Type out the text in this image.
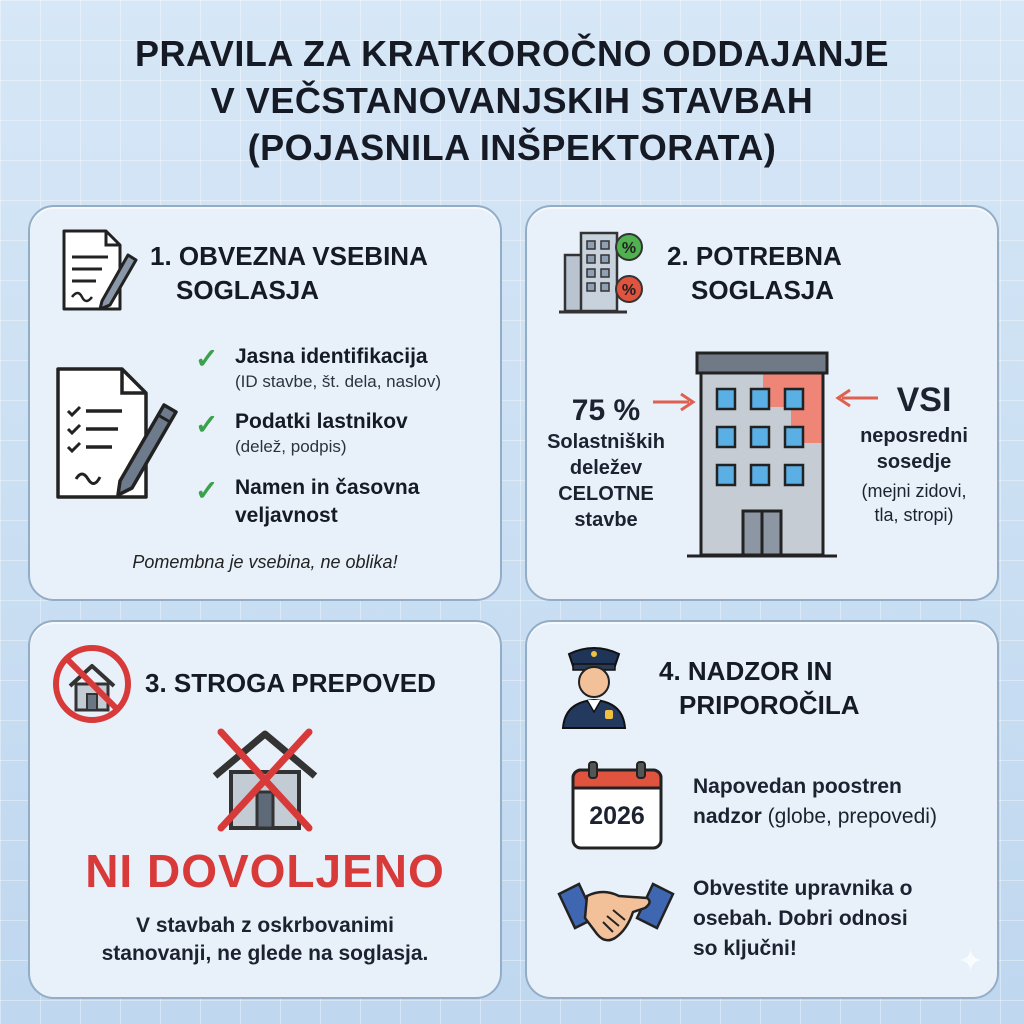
PRAVILA ZA KRATKOROČNO ODDAJANJE
V VEČSTANOVANJSKIH STAVBAH
(POJASNILA INŠPEKTORATA)
1. OBVEZNA VSEBINA
SOGLASJA
✓ Jasna identifikacija
(ID stavbe, št. dela, naslov)
✓ Podatki lastnikov
(delež, podpis)
✓ Namen in časovna
veljavnost
Pomembna je vsebina, ne oblika!
%
%
2. POTREBNA
SOGLASJA
75 %
Solastniških
deležev
CELOTNE
stavbe
VSI
neposredni
sosedje
(mejni zidovi,
tla, stropi)
3. STROGA PREPOVED
NI DOVOLJENO
V stavbah z oskrbovanimi
stanovanji, ne glede na soglasja.
4. NADZOR IN
PRIPOROČILA
2026
Napovedan poostren
nadzor (globe, prepovedi)
Obvestite upravnika o
osebah. Dobri odnosi
so ključni!	✦
